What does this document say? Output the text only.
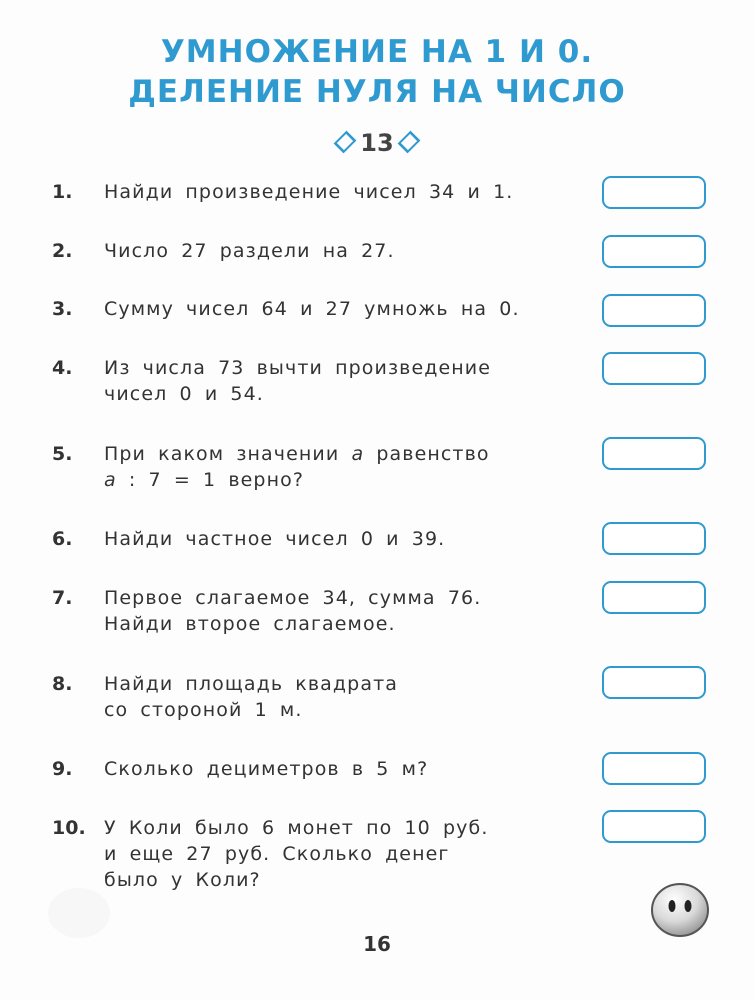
УМНОЖЕНИЕ НА 1 И 0.
ДЕЛЕНИЕ НУЛЯ НА ЧИСЛО
13
1. Найди произведение чисел 34 и 1.
2. Число 27 раздели на 27.
3. Сумму чисел 64 и 27 умножь на 0.
4. Из числа 73 вычти произведение
чисел 0 и 54.
5. При каком значении а равенство
а : 7 = 1 верно?
6. Найди частное чисел 0 и 39.
7. Первое слагаемое 34, сумма 76.
Найди второе слагаемое.
8. Найди площадь квадрата
со стороной 1 м.
9. Сколько дециметров в 5 м?
10. У Коли было 6 монет по 10 руб.
и еще 27 руб. Сколько денег
было у Коли?
16
